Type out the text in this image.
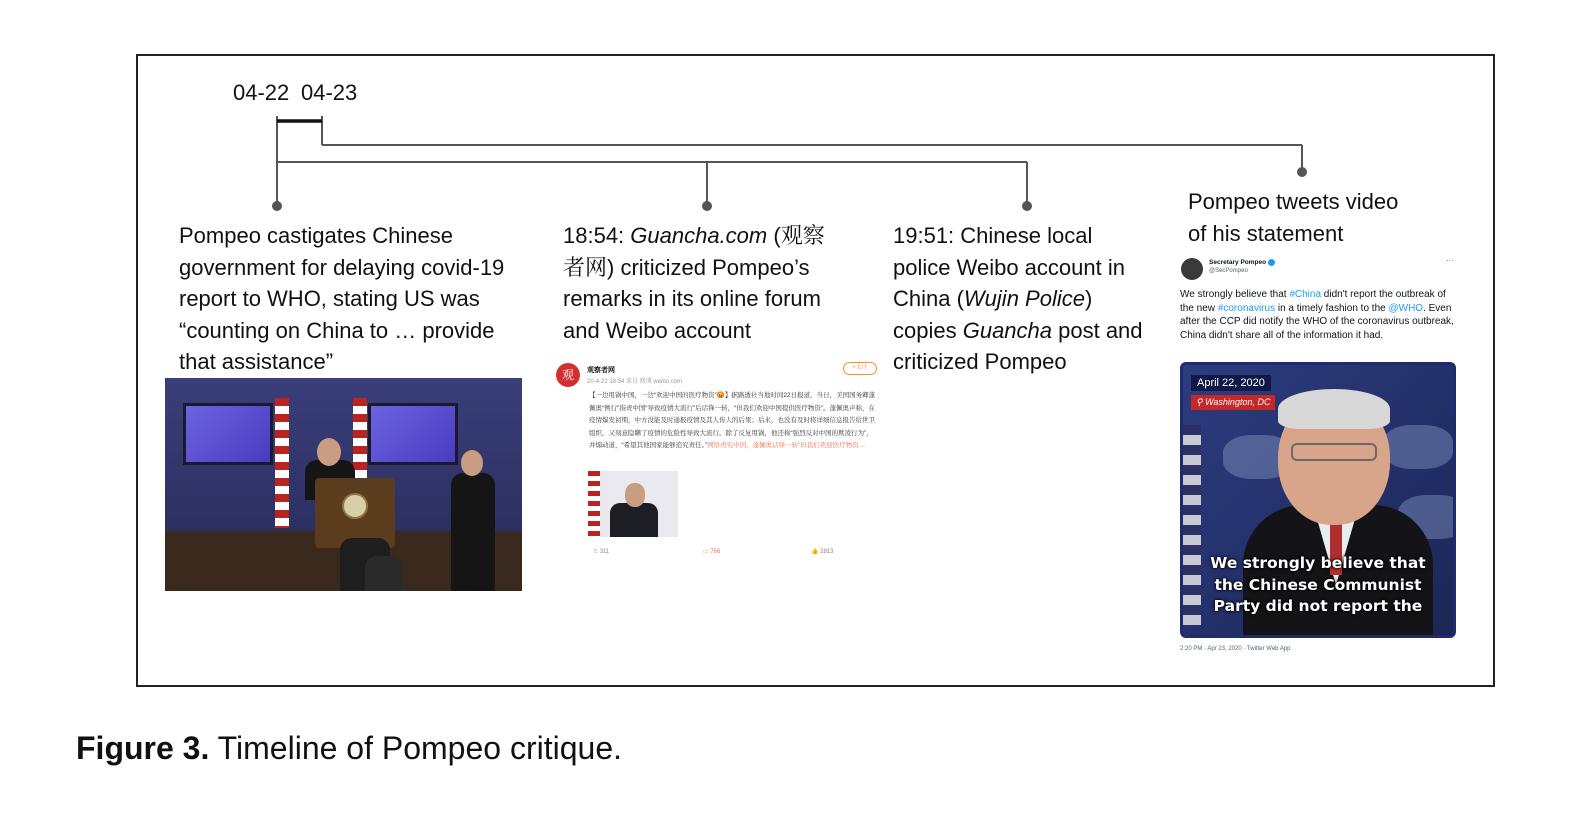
04-22 04-23
Pompeo castigates Chinese
government for delaying covid-19
report to WHO, stating US was
“counting on China to … provide
that assistance”
18:54: Guancha.com (观察
者网) criticized Pompeo’s
remarks in its online forum
and Weibo account
19:51: Chinese local
police Weibo account in
China (Wujin Police)
copies Guancha post and
criticized Pompeo
Pompeo tweets video
of his statement
观	观察者网
20-4-22 18:54 来自 微博 weibo.com
+关注
【一边甩锅中国，一边“欢迎中国的医疗物资”😡】据路透社当地时间22日报道，当日，美国国务卿蓬佩奥“例行”指责中国“导致疫情大流行”后话锋一转，“但我们欢迎中国提供医疗物资”。蓬佩奥声称，在疫情爆发初期，中方没能及时通报疫情及其人传人的后果；后来，也没有及时将详细信息报告给世卫组织，又刻意隐瞒了疫情的危险性导致大流行。除了反复甩锅，他还称“强烈反对中国的欺凌行为”，并煽动道，“希望其他国家能够追究责任。”网络责究中国，蓬佩奥话锋一转“但我们欢迎医疗物资…
⇪ 311	▭ 766	👍 2813
Secretary Pompeo
@SecPompeo
···
We strongly believe that #China didn't report the outbreak of the new #coronavirus in a timely fashion to the @WHO. Even after the CCP did notify the WHO of the coronavirus outbreak, China didn't share all of the information it had.
April 22, 2020
⚲ Washington, DC
We strongly believe that
the Chinese Communist
Party did not report the
2:20 PM · Apr 23, 2020 · Twitter Web App
Figure 3. Timeline of Pompeo critique.
